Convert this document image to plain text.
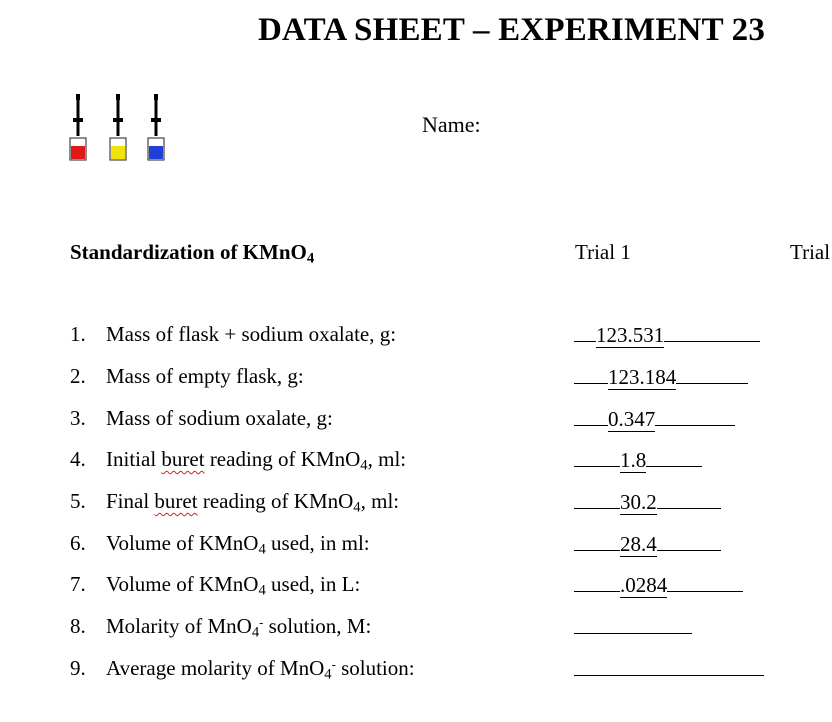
DATA SHEET – EXPERIMENT 23
Name:
Standardization of KMnO$_4$	Trial 1	Trial
1. Mass of flask + sodium oxalate, g:	123.531
2. Mass of empty flask, g:	123.184
3. Mass of sodium oxalate, g:	0.347
4. Initial buret reading of KMnO$_4$, ml:	1.8
5. Final buret reading of KMnO$_4$, ml:	30.2
6. Volume of KMnO$_4$ used, in ml:	28.4
7. Volume of KMnO$_4$ used, in L:	.0284
8. Molarity of MnO$_4$- solution, M:
9. Average molarity of MnO$_4$- solution:
